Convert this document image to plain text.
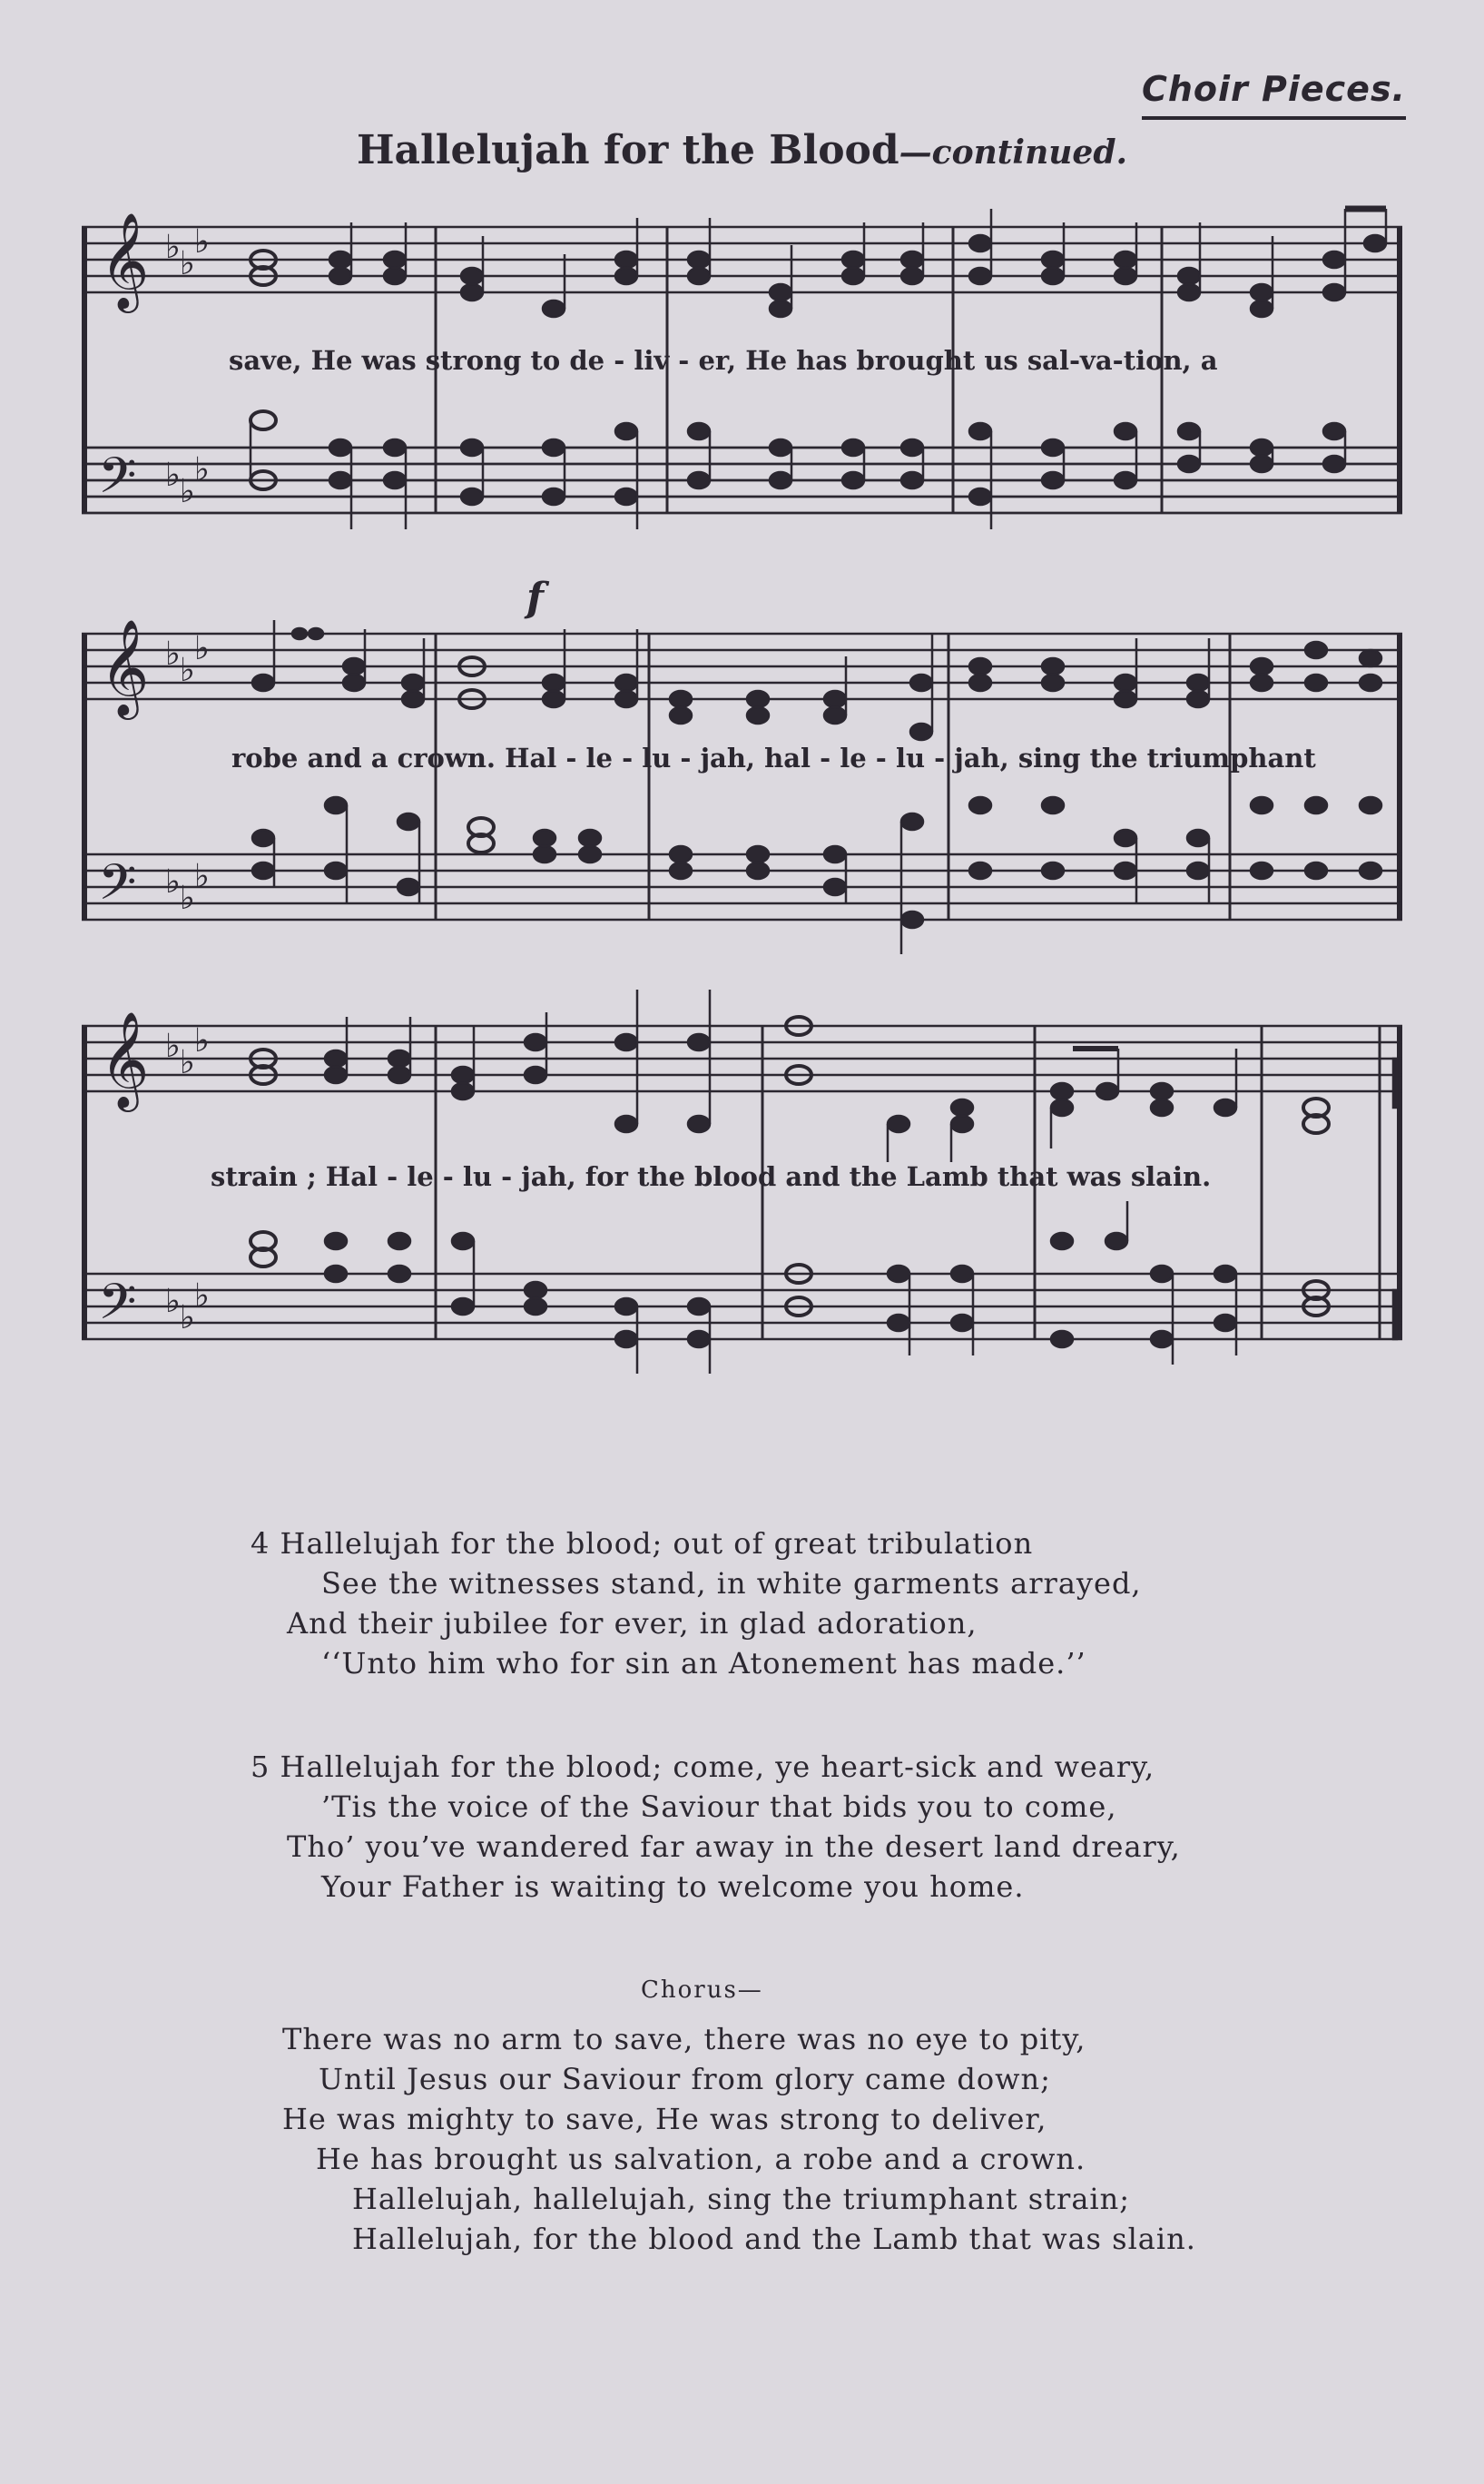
Choir Pieces.
Hallelujah for the Blood—continued.
𝄞
𝄢
♭ ♭
♭
♭ ♭
♭
𝄞
𝄢
♭ ♭
♭
♭ ♭
♭
f
𝄞
𝄢
♭ ♭
♭
♭ ♭
♭
save, He was strong to de - liv - er, He has brought us sal-va-tion, a
robe and a crown. Hal - le - lu - jah, hal - le - lu - jah, sing the triumphant
strain ; Hal - le - lu - jah, for the blood and the Lamb that was slain.
4 Hallelujah for the blood; out of great tribulation
See the witnesses stand, in white garments arrayed,
And their jubilee for ever, in glad adoration,
‘‘Unto him who for sin an Atonement has made.’’
5 Hallelujah for the blood; come, ye heart-sick and weary,
’Tis the voice of the Saviour that bids you to come,
Tho’ you’ve wandered far away in the desert land dreary,
Your Father is waiting to welcome you home.
Chorus—
There was no arm to save, there was no eye to pity,
Until Jesus our Saviour from glory came down;
He was mighty to save, He was strong to deliver,
He has brought us salvation, a robe and a crown.
Hallelujah, hallelujah, sing the triumphant strain;
Hallelujah, for the blood and the Lamb that was slain.
